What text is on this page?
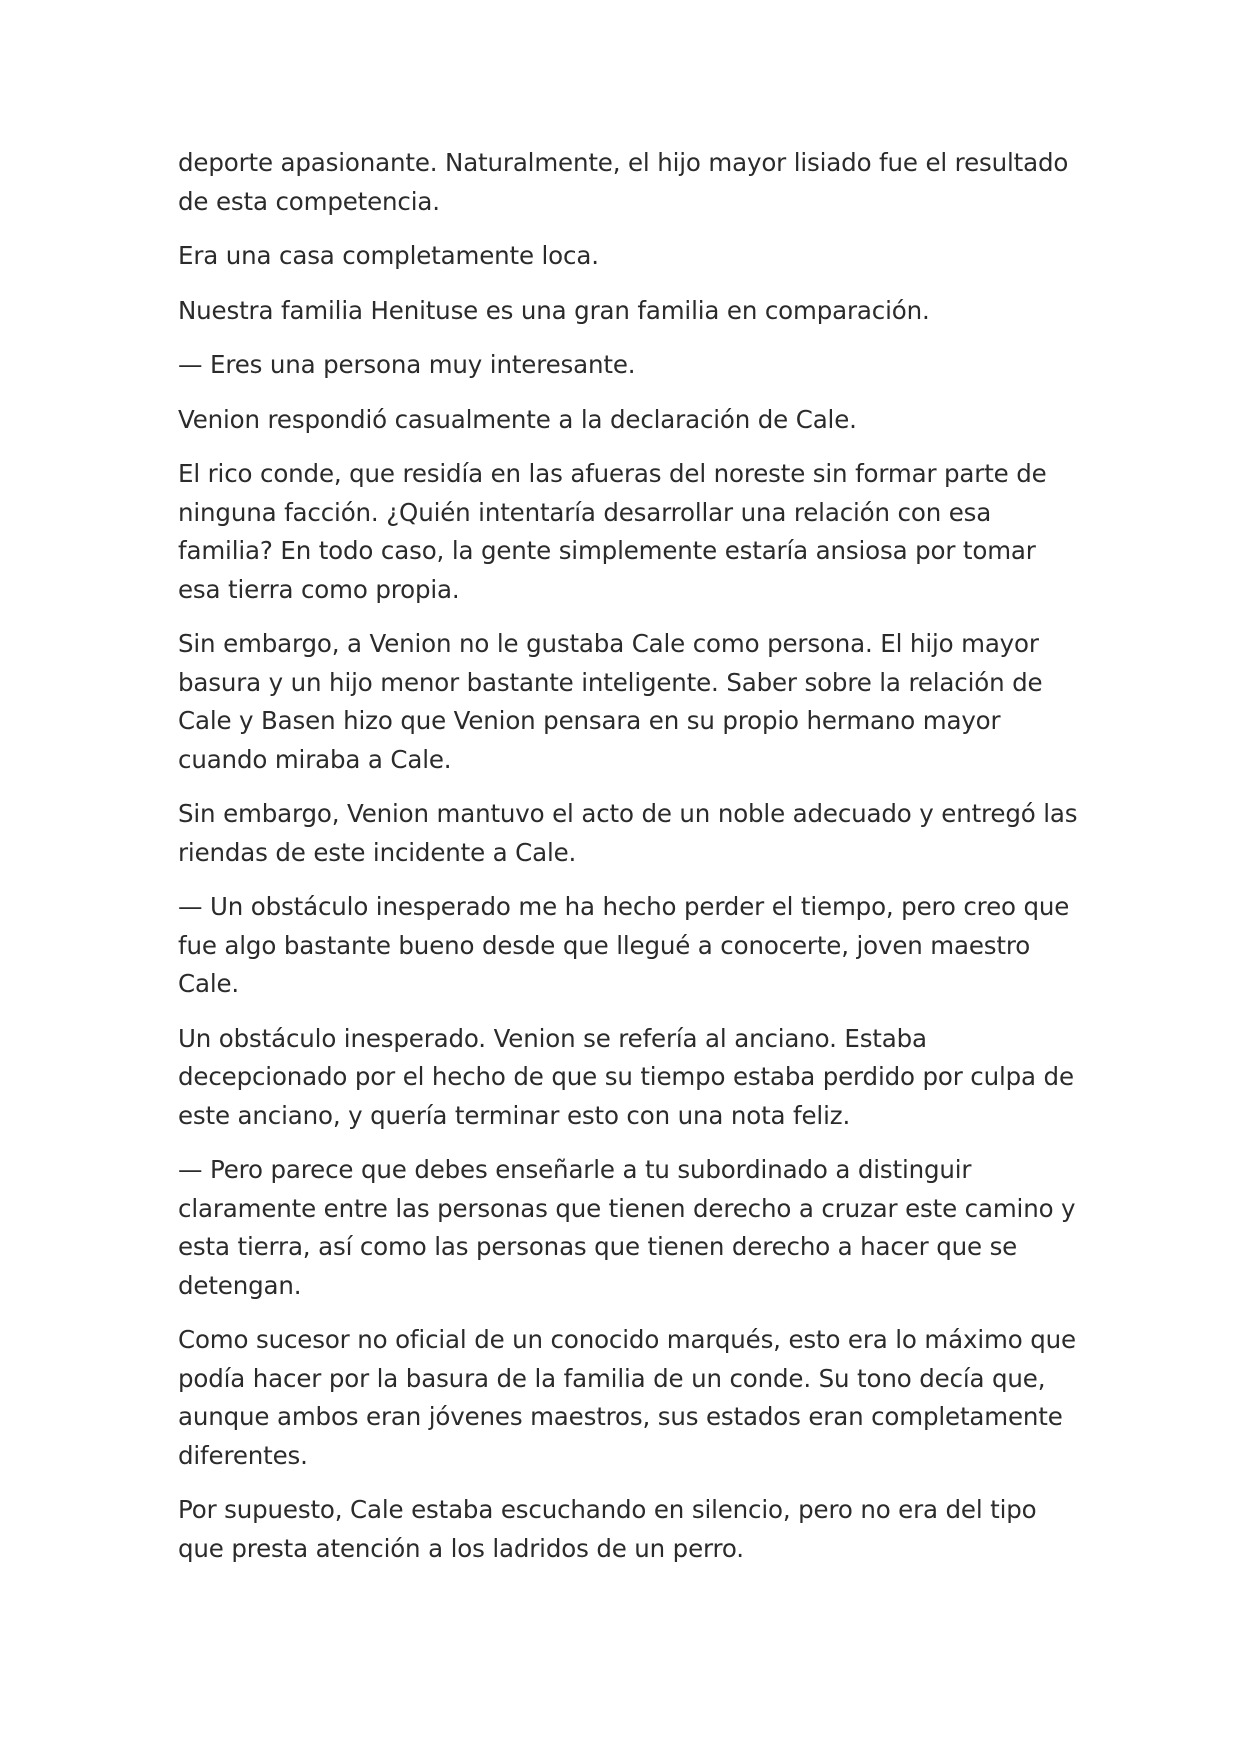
deporte apasionante. Naturalmente, el hijo mayor lisiado fue el resultado de esta competencia.

Era una casa completamente loca.

Nuestra familia Henituse es una gran familia en comparación.

— Eres una persona muy interesante.

Venion respondió casualmente a la declaración de Cale.

El rico conde, que residía en las afueras del noreste sin formar parte de ninguna facción. ¿Quién intentaría desarrollar una relación con esa familia? En todo caso, la gente simplemente estaría ansiosa por tomar esa tierra como propia.

Sin embargo, a Venion no le gustaba Cale como persona. El hijo mayor basura y un hijo menor bastante inteligente. Saber sobre la relación de Cale y Basen hizo que Venion pensara en su propio hermano mayor cuando miraba a Cale.

Sin embargo, Venion mantuvo el acto de un noble adecuado y entregó las riendas de este incidente a Cale.

— Un obstáculo inesperado me ha hecho perder el tiempo, pero creo que fue algo bastante bueno desde que llegué a conocerte, joven maestro Cale.

Un obstáculo inesperado. Venion se refería al anciano. Estaba decepcionado por el hecho de que su tiempo estaba perdido por culpa de este anciano, y quería terminar esto con una nota feliz.

— Pero parece que debes enseñarle a tu subordinado a distinguir claramente entre las personas que tienen derecho a cruzar este camino y esta tierra, así como las personas que tienen derecho a hacer que se detengan.

Como sucesor no oficial de un conocido marqués, esto era lo máximo que podía hacer por la basura de la familia de un conde. Su tono decía que, aunque ambos eran jóvenes maestros, sus estados eran completamente diferentes.

Por supuesto, Cale estaba escuchando en silencio, pero no era del tipo que presta atención a los ladridos de un perro.
